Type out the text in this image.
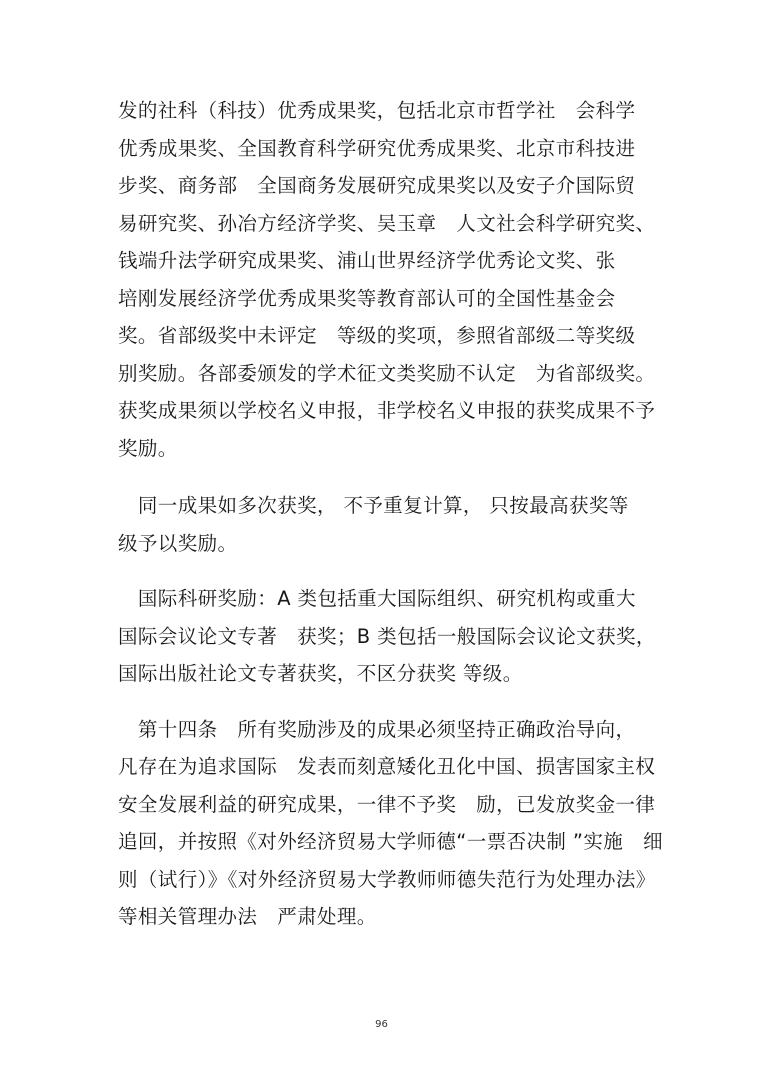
发的社科（科技）优秀成果奖，包括北京市哲学社　会科学
优秀成果奖、全国教育科学研究优秀成果奖、北京市科技进
步奖、商务部　全国商务发展研究成果奖以及安子介国际贸
易研究奖、孙冶方经济学奖、吴玉章　人文社会科学研究奖、
钱端升法学研究成果奖、浦山世界经济学优秀论文奖、张
培刚发展经济学优秀成果奖等教育部认可的全国性基金会
奖。省部级奖中未评定　等级的奖项，参照省部级二等奖级
别奖励。各部委颁发的学术征文类奖励不认定　为省部级奖。
获奖成果须以学校名义申报，非学校名义申报的获奖成果不予
奖励。

　同一成果如多次获奖， 不予重复计算， 只按最高获奖等
级予以奖励。

　国际科研奖励：A 类包括重大国际组织、研究机构或重大
国际会议论文专著　获奖；B 类包括一般国际会议论文获奖，
国际出版社论文专著获奖，不区分获奖 等级。

　第十四条　所有奖励涉及的成果必须坚持正确政治导向，
凡存在为追求国际　发表而刻意矮化丑化中国、损害国家主权
安全发展利益的研究成果，一律不予奖　励，已发放奖金一律
追回，并按照《对外经济贸易大学师德“一票否决制 ”实施　细
则（试行）》《对外经济贸易大学教师师德失范行为处理办法》
等相关管理办法　严肃处理。

96
